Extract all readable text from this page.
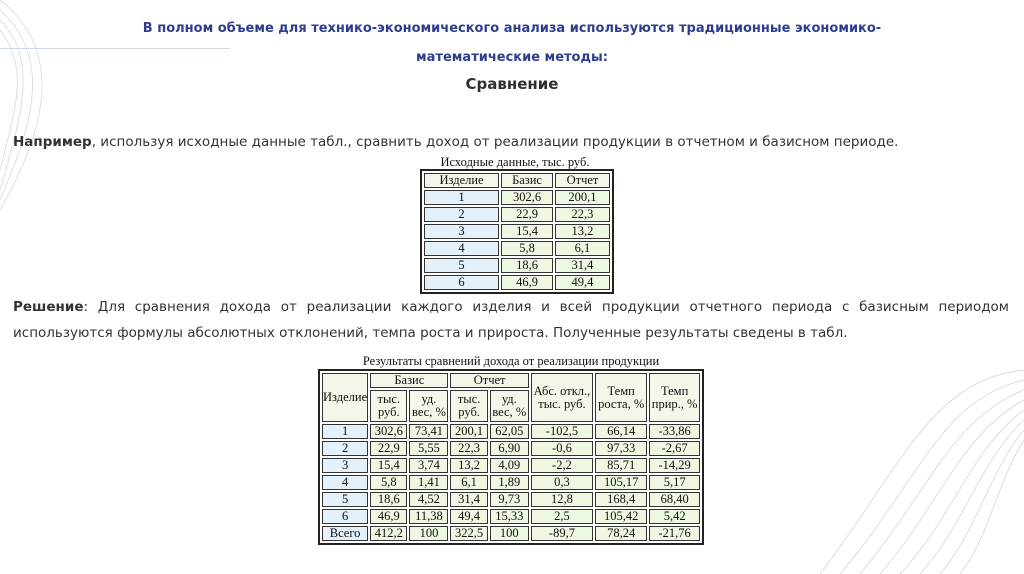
В полном объеме для технико-экономического анализа используются традиционные экономико-
математические методы:
Сравнение
Например, используя исходные данные табл., сравнить доход от реализации продукции в отчетном и базисном периоде.
Исходные данные, тыс. руб.
Изделие	Базис	Отчет
1	302,6	200,1
2	22,9	22,3
3	15,4	13,2
4	5,8	6,1
5	18,6	31,4
6	46,9	49,4
Решение: Для сравнения дохода от реализации каждого изделия и всей продукции отчетного периода с базисным периодом используются формулы абсолютных отклонений, темпа роста и прироста. Полученные результаты сведены в табл.
Результаты сравнений дохода от реализации продукции
Изделие	Базис		Отчет		Абс. откл., тыс. руб.	Темп роста, %	Темп прир., %
	тыс. руб.	уд. вес, %	тыс. руб.	уд. вес, %			
1	302,6	73,41	200,1	62,05	-102,5	66,14	-33,86
2	22,9	5,55	22,3	6,90	-0,6	97,33	-2,67
3	15,4	3,74	13,2	4,09	-2,2	85,71	-14,29
4	5,8	1,41	6,1	1,89	0,3	105,17	5,17
5	18,6	4,52	31,4	9,73	12,8	168,4	68,40
6	46,9	11,38	49,4	15,33	2,5	105,42	5,42
Всего	412,2	100	322,5	100	-89,7	78,24	-21,76
